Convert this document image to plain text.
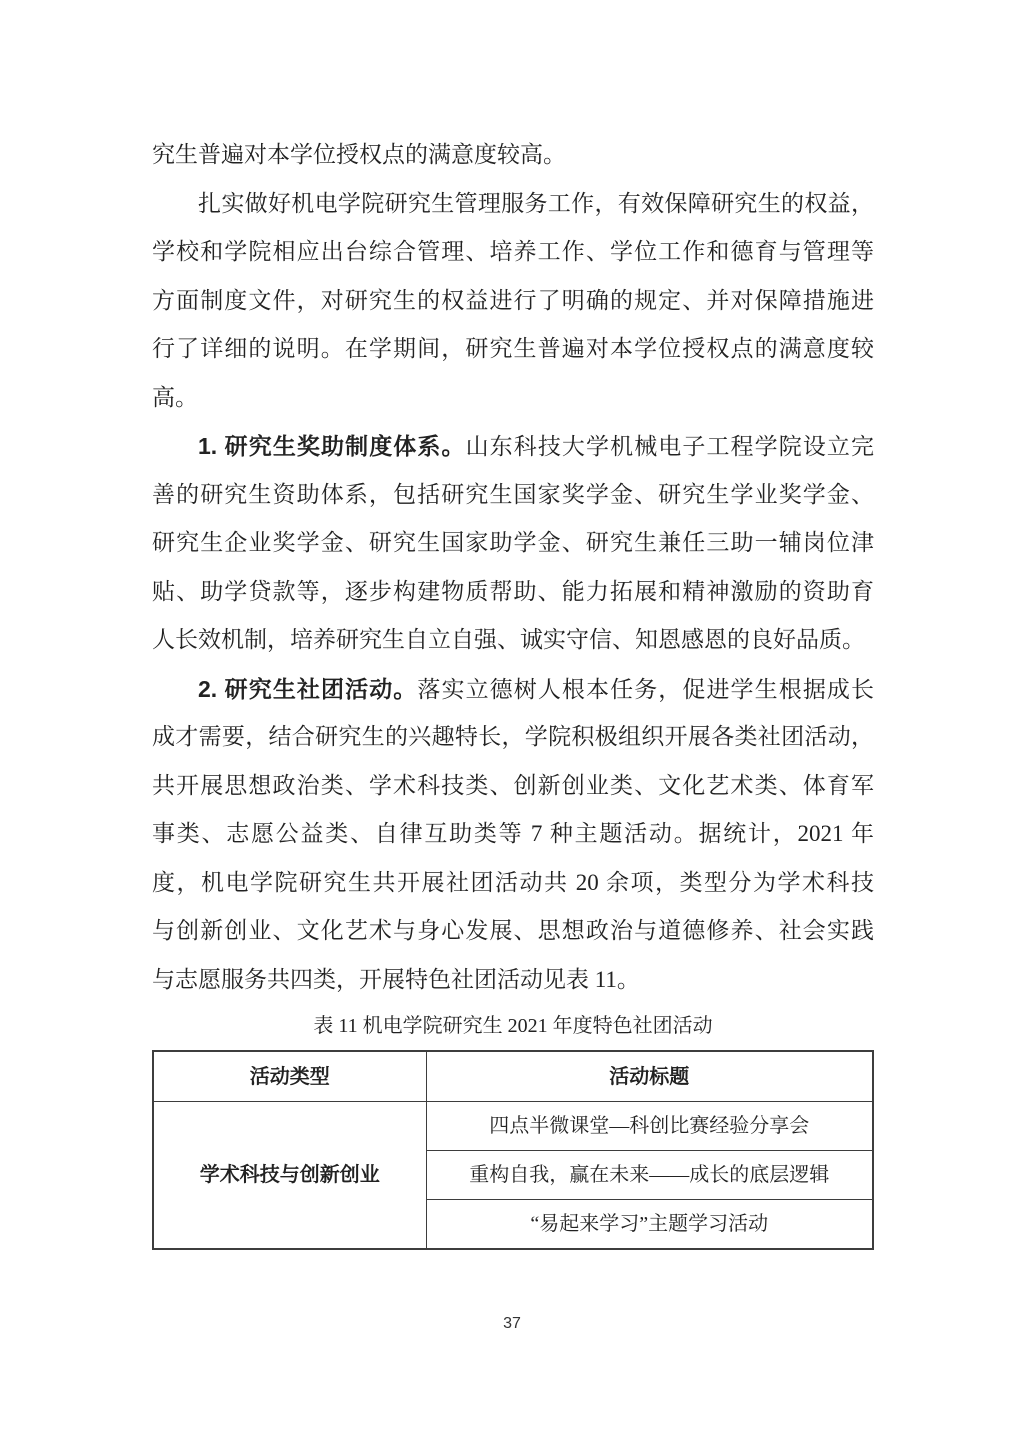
究生普遍对本学位授权点的满意度较高。
扎实做好机电学院研究生管理服务工作，有效保障研究生的权益，
学校和学院相应出台综合管理、培养工作、学位工作和德育与管理等
方面制度文件，对研究生的权益进行了明确的规定、并对保障措施进
行了详细的说明。在学期间，研究生普遍对本学位授权点的满意度较
高。
1. 研究生奖助制度体系。山东科技大学机械电子工程学院设立完
善的研究生资助体系，包括研究生国家奖学金、研究生学业奖学金、
研究生企业奖学金、研究生国家助学金、研究生兼任三助一辅岗位津
贴、助学贷款等，逐步构建物质帮助、能力拓展和精神激励的资助育
人长效机制，培养研究生自立自强、诚实守信、知恩感恩的良好品质。
2. 研究生社团活动。落实立德树人根本任务，促进学生根据成长
成才需要，结合研究生的兴趣特长，学院积极组织开展各类社团活动，
共开展思想政治类、学术科技类、创新创业类、文化艺术类、体育军
事类、志愿公益类、自律互助类等 7 种主题活动。据统计，2021 年
度，机电学院研究生共开展社团活动共 20 余项，类型分为学术科技
与创新创业、文化艺术与身心发展、思想政治与道德修养、社会实践
与志愿服务共四类，开展特色社团活动见表 11。
表 11 机电学院研究生 2021 年度特色社团活动
活动类型	活动标题
学术科技与创新创业	四点半微课堂—科创比赛经验分享会
	重构自我，赢在未来——成长的底层逻辑
	“易起来学习”主题学习活动
37
